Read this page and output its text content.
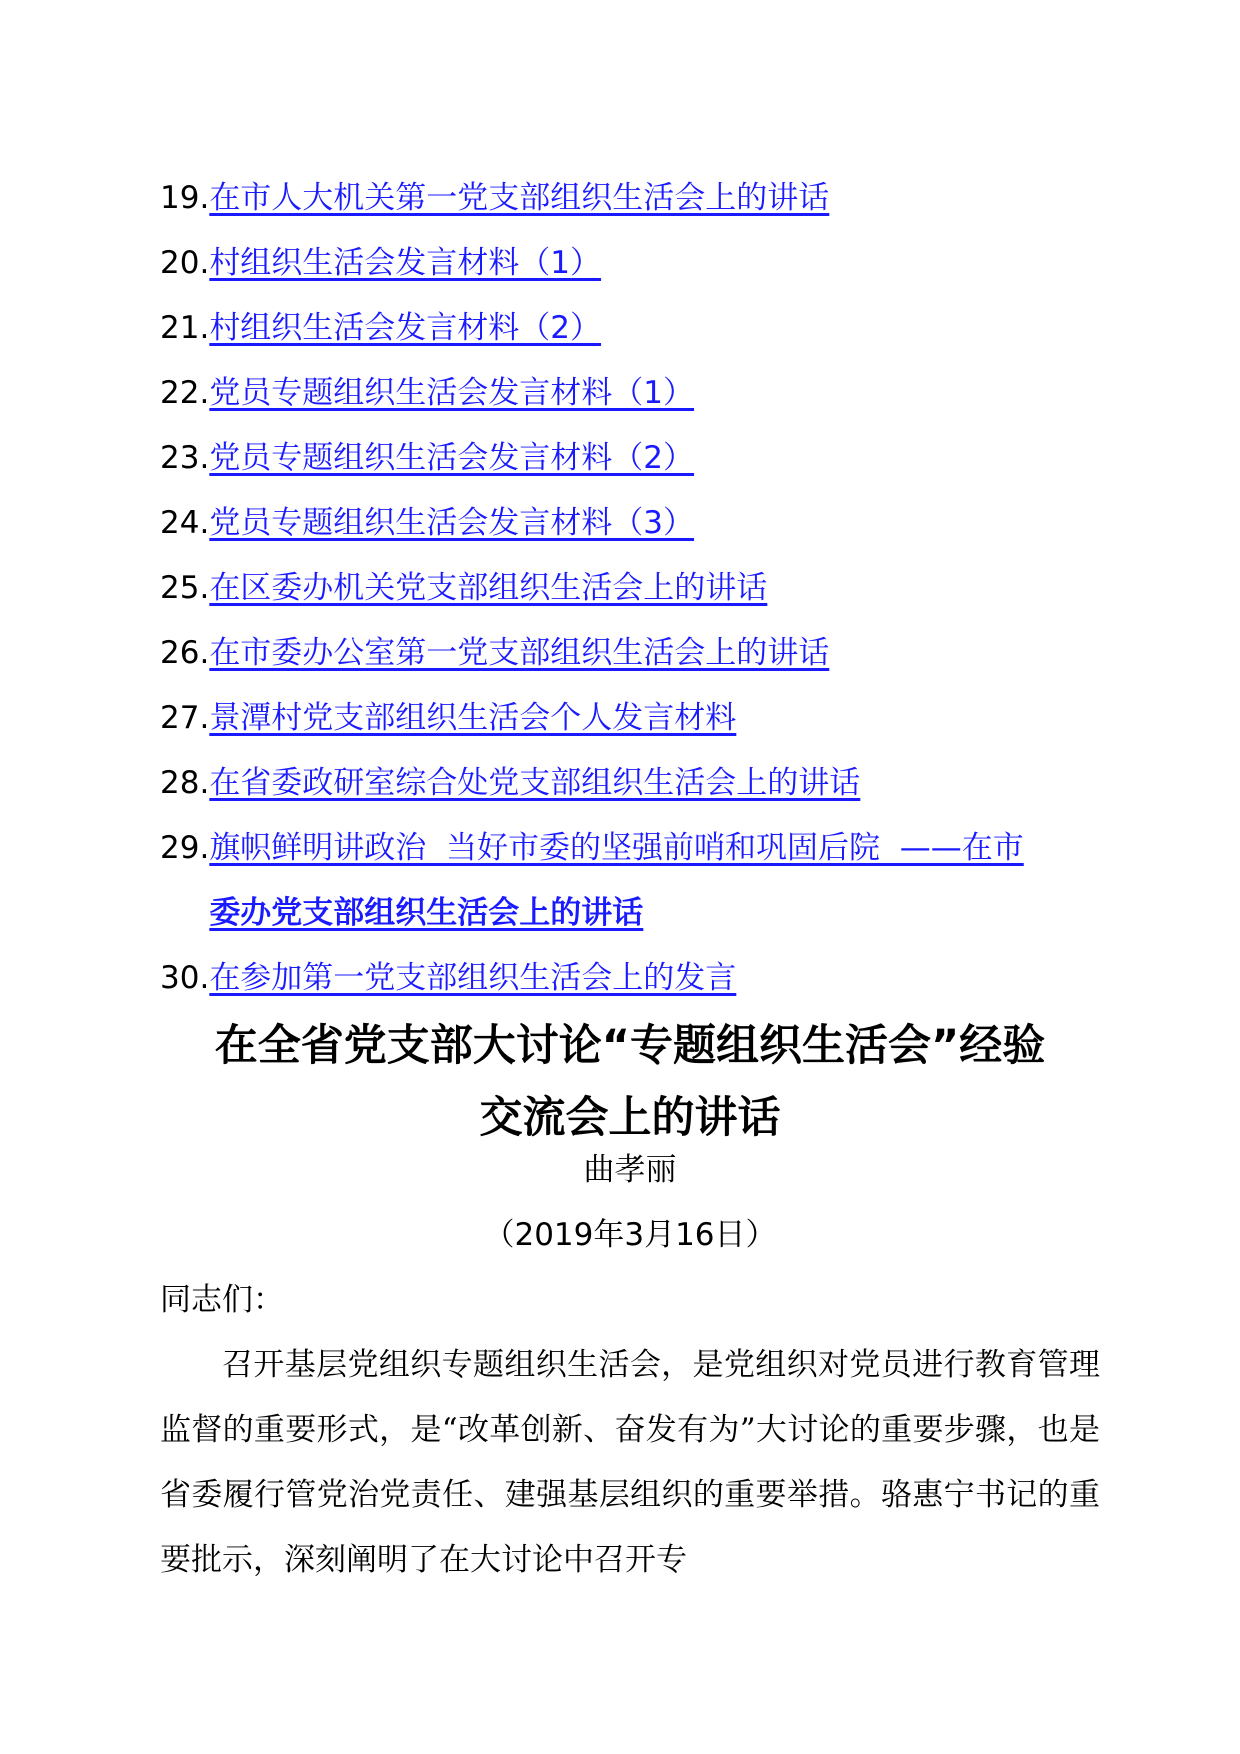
19. 在市人大机关第一党支部组织生活会上的讲话
20. 村组织生活会发言材料（1）
21. 村组织生活会发言材料（2）
22. 党员专题组织生活会发言材料（1）
23. 党员专题组织生活会发言材料（2）
24. 党员专题组织生活会发言材料（3）
25. 在区委办机关党支部组织生活会上的讲话
26. 在市委办公室第一党支部组织生活会上的讲话
27. 景潭村党支部组织生活会个人发言材料
28. 在省委政研室综合处党支部组织生活会上的讲话
29. 旗帜鲜明讲政治  当好市委的坚强前哨和巩固后院  ——在市
委办党支部组织生活会上的讲话
30. 在参加第一党支部组织生活会上的发言
在全省党支部大讨论“专题组织生活会”经验
交流会上的讲话
曲孝丽
（2019年3月16日）

同志们：

召开基层党组织专题组织生活会，是党组织对党员进行教育管理监督的重要形式，是“改革创新、奋发有为”大讨论的重要步骤，也是省委履行管党治党责任、建强基层组织的重要举措。骆惠宁书记的重要批示，深刻阐明了在大讨论中召开专
